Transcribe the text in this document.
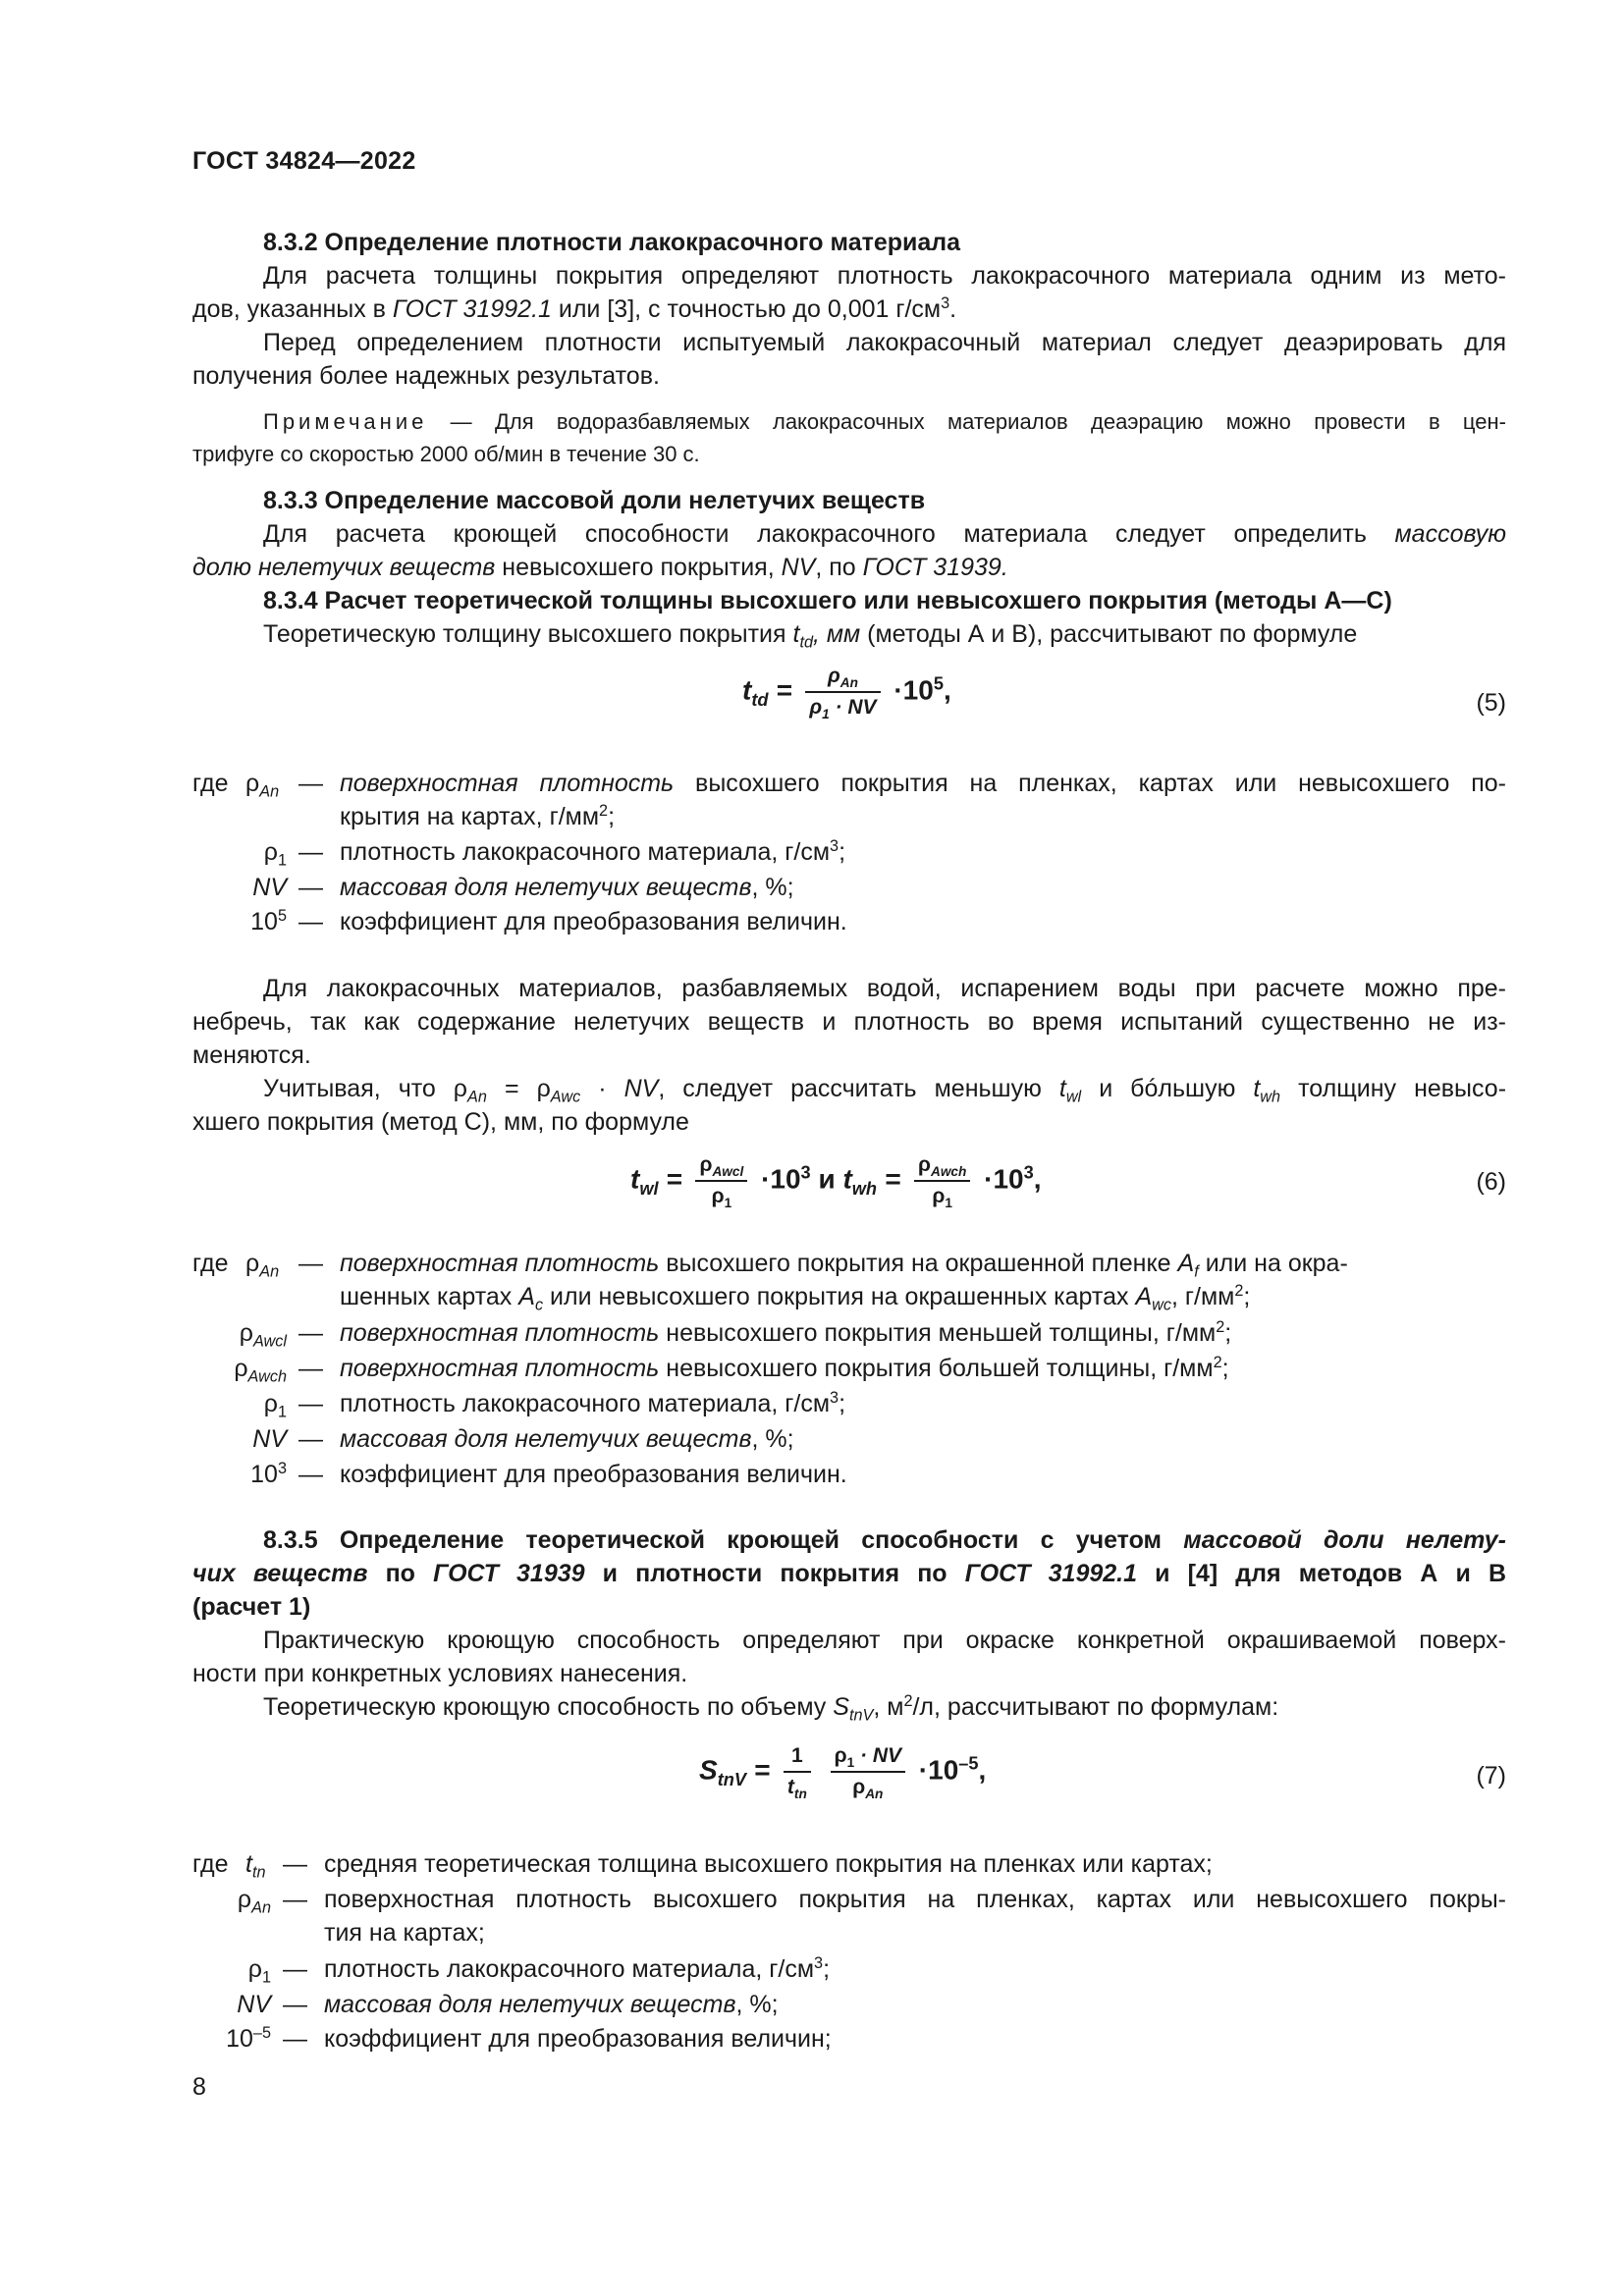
ГОСТ 34824—2022
8.3.2 Определение плотности лакокрасочного материала
Для расчета толщины покрытия определяют плотность лакокрасочного материала одним из мето-
дов, указанных в ГОСТ 31992.1 или [3], с точностью до 0,001 $г/см^3$.
Перед определением плотности испытуемый лакокрасочный материал следует деаэрировать для
получения более надежных результатов.
Примечание — Для водоразбавляемых лакокрасочных материалов деаэрацию можно провести в цен-
трифуге со скоростью 2000 об/мин в течение 30 с.
8.3.3 Определение массовой доли нелетучих веществ
Для расчета кроющей способности лакокрасочного материала следует определить массовую
долю нелетучих веществ невысохшего покрытия, NV, по ГОСТ 31939.
8.3.4 Расчет теоретической толщины высохшего или невысохшего покрытия (методы А—С)
Теоретическую толщину высохшего покрытия $t_{td}$, мм (методы А и В), рассчитывают по формуле
$t_{td} = \frac{\rho_{An}}{\rho_1 \cdot NV} \cdot 10^5$,	(5)
где $\rho_{An}$ — поверхностная плотность высохшего покрытия на пленках, картах или невысохшего по-
крытия на картах, $г/мм^2$;
$\rho_1$ — плотность лакокрасочного материала, $г/см^3$;
NV — массовая доля нелетучих веществ, %;
$10^5$ — коэффициент для преобразования величин.
Для лакокрасочных материалов, разбавляемых водой, испарением воды при расчете можно пре-
небречь, так как содержание нелетучих веществ и плотность во время испытаний существенно не из-
меняются.
Учитывая, что $\rho_{An} = \rho_{Awc}$ · NV, следует рассчитать меньшую $t_{wl}$ и бóльшую $t_{wh}$ толщину невысо-
хшего покрытия (метод С), мм, по формуле
$t_{wl} = \frac{\rho_{Awcl}}{\rho_1} \cdot 10^3$ и $t_{wh} = \frac{\rho_{Awch}}{\rho_1} \cdot 10^3$,	(6)
где $\rho_{An}$ — поверхностная плотность высохшего покрытия на окрашенной пленке $A_f$ или на окра-
шенных картах $A_c$ или невысохшего покрытия на окрашенных картах $A_{wc}$, $г/мм^2$;
$\rho_{Awcl}$ — поверхностная плотность невысохшего покрытия меньшей толщины, $г/мм^2$;
$\rho_{Awch}$ — поверхностная плотность невысохшего покрытия большей толщины, $г/мм^2$;
$\rho_1$ — плотность лакокрасочного материала, $г/см^3$;
NV — массовая доля нелетучих веществ, %;
$10^3$ — коэффициент для преобразования величин.
8.3.5 Определение теоретической кроющей способности с учетом массовой доли нелету-
чих веществ по ГОСТ 31939 и плотности покрытия по ГОСТ 31992.1 и [4] для методов А и В
(расчет 1)
Практическую кроющую способность определяют при окраске конкретной окрашиваемой поверх-
ности при конкретных условиях нанесения.
Теоретическую кроющую способность по объему $S_{tnV}$, $м^2/л$, рассчитывают по формулам:
$S_{tnV} = \frac{1}{t_{tn}}$
$\frac{\rho_1 \cdot NV}{\rho_{An}} \cdot 10^{-5}$,	(7)
где $t_{tn}$ — средняя теоретическая толщина высохшего покрытия на пленках или картах;
$\rho_{An}$ — поверхностная плотность высохшего покрытия на пленках, картах или невысохшего покры-
тия на картах;
$\rho_1$ — плотность лакокрасочного материала, $г/см^3$;
NV — массовая доля нелетучих веществ, %;
$10^{-5}$ — коэффициент для преобразования величин;
8
